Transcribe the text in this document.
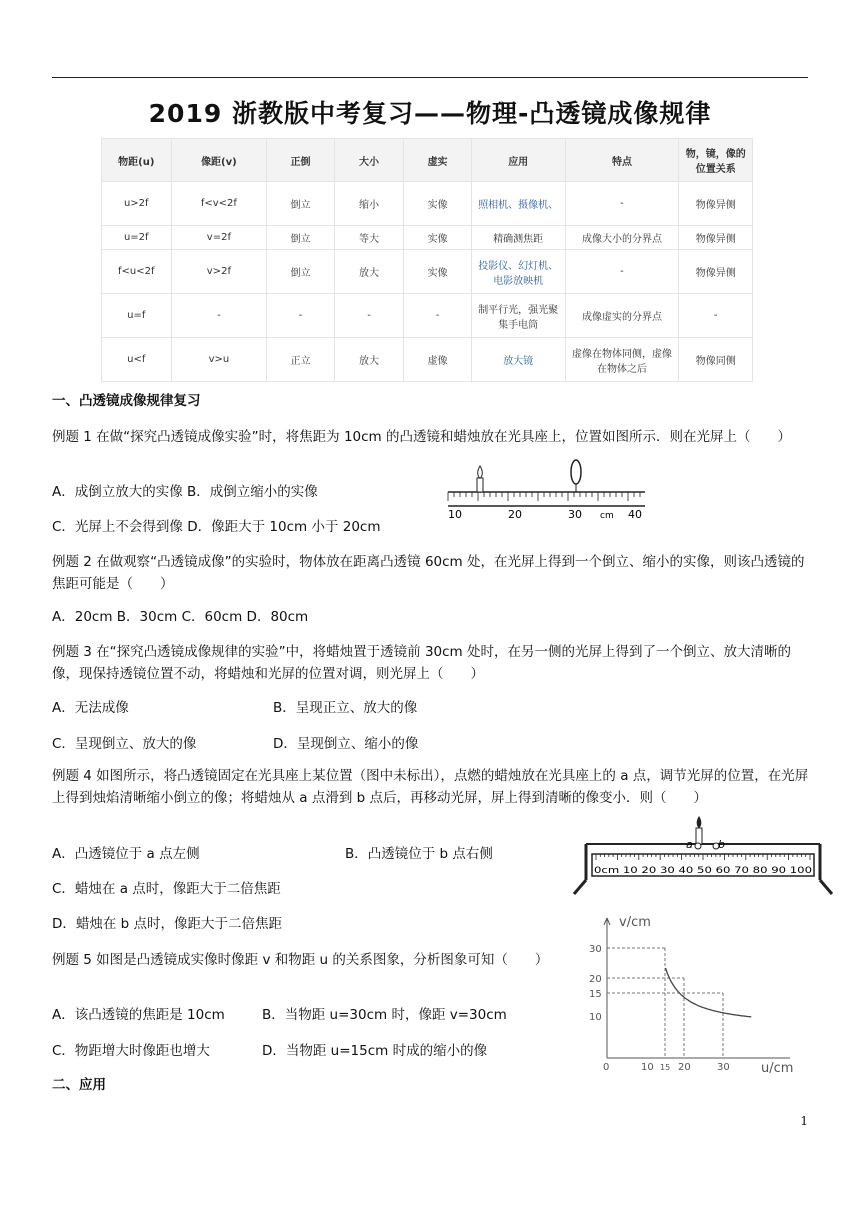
2019 浙教版中考复习——物理-凸透镜成像规律
物距(u)	像距(v)	正倒	大小	虚实	应用	特点	物，镜，像的位置关系
u>2f	f<v<2f	倒立	缩小	实像	照相机、摄像机、	-	物像异侧
u=2f	v=2f	倒立	等大	实像	精确测焦距	成像大小的分界点	物像异侧
f<u<2f	v>2f	倒立	放大	实像	投影仪、幻灯机、电影放映机	-	物像异侧
u=f	-	-	-	-	制平行光，强光聚集手电筒	成像虚实的分界点	-
u<f	v>u	正立	放大	虚像	放大镜	虚像在物体同侧，虚像在物体之后	物像同侧
一、凸透镜成像规律复习
例题 1 在做“探究凸透镜成像实验”时，将焦距为 10cm 的凸透镜和蜡烛放在光具座上，位置如图所示．则在光屏上（　　）
A．成倒立放大的实像 B．成倒立缩小的实像
C．光屏上不会得到像 D．像距大于 10cm 小于 20cm
10	20	30 cm 40
例题 2 在做观察“凸透镜成像”的实验时，物体放在距离凸透镜 60cm 处，在光屏上得到一个倒立、缩小的实像，则该凸透镜的焦距可能是（　　）
A．20cm B．30cm C．60cm D．80cm
例题 3 在“探究凸透镜成像规律的实验”中，将蜡烛置于透镜前 30cm 处时，在另一侧的光屏上得到了一个倒立、放大清晰的像，现保持透镜位置不动，将蜡烛和光屏的位置对调，则光屏上（　　）
A．无法成像	B．呈现正立、放大的像
C．呈现倒立、放大的像	D．呈现倒立、缩小的像
例题 4 如图所示，将凸透镜固定在光具座上某位置（图中未标出），点燃的蜡烛放在光具座上的 a 点，调节光屏的位置，在光屏上得到烛焰清晰缩小倒立的像；将蜡烛从 a 点滑到 b 点后，再移动光屏，屏上得到清晰的像变小．则（　　）
A．凸透镜位于 a 点左侧	B．凸透镜位于 b 点右侧
C．蜡烛在 a 点时，像距大于二倍焦距
D．蜡烛在 b 点时，像距大于二倍焦距
0cm 10 20 30 40 50 60 70 80 90 100
a b
例题 5 如图是凸透镜成实像时像距 v 和物距 u 的关系图象，分析图象可知（　　）
A．该凸透镜的焦距是 10cm	B．当物距 u=30cm 时，像距 v=30cm
C．物距增大时像距也增大	D．当物距 u=15cm 时成的缩小的像
v/cm
u/cm
30
20
15
10
0	10 15 20	30
二、应用
1
